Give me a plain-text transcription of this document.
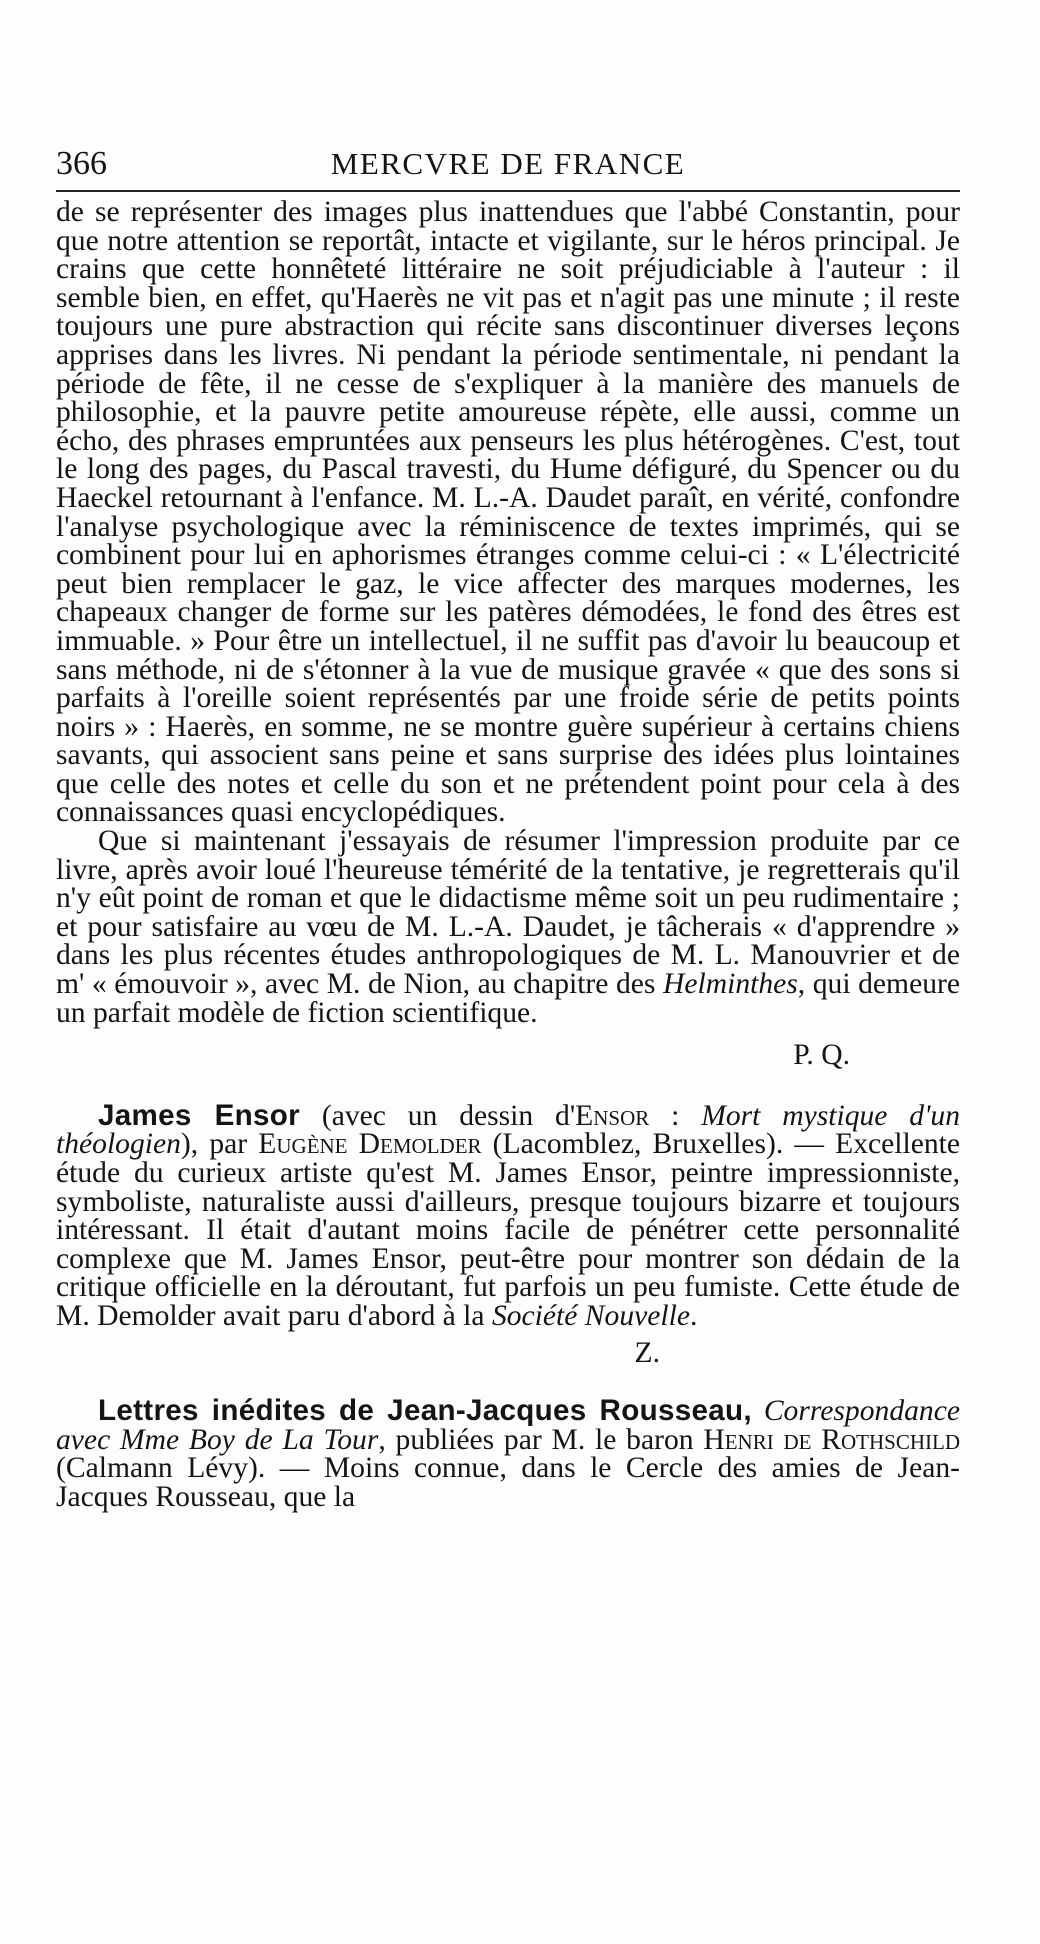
366	MERCVRE DE FRANCE

de se représenter des images plus inattendues que l'abbé Constantin, pour que notre attention se reportât, intacte et vigilante, sur le héros principal. Je crains que cette honnêteté littéraire ne soit préjudiciable à l'auteur : il semble bien, en effet, qu'Haerès ne vit pas et n'agit pas une minute ; il reste toujours une pure abstraction qui récite sans discontinuer diverses leçons apprises dans les livres. Ni pendant la période sentimentale, ni pendant la période de fête, il ne cesse de s'expliquer à la manière des manuels de philosophie, et la pauvre petite amoureuse répète, elle aussi, comme un écho, des phrases empruntées aux penseurs les plus hétérogènes. C'est, tout le long des pages, du Pascal travesti, du Hume défiguré, du Spencer ou du Haeckel retournant à l'enfance. M. L.-A. Daudet paraît, en vérité, confondre l'analyse psychologique avec la réminiscence de textes imprimés, qui se combinent pour lui en aphorismes étranges comme celui-ci : « L'électricité peut bien remplacer le gaz, le vice affecter des marques modernes, les chapeaux changer de forme sur les patères démodées, le fond des êtres est immuable. » Pour être un intellectuel, il ne suffit pas d'avoir lu beaucoup et sans méthode, ni de s'étonner à la vue de musique gravée « que des sons si parfaits à l'oreille soient représentés par une froide série de petits points noirs » : Haerès, en somme, ne se montre guère supérieur à certains chiens savants, qui associent sans peine et sans surprise des idées plus lointaines que celle des notes et celle du son et ne prétendent point pour cela à des connaissances quasi encyclopédiques.

Que si maintenant j'essayais de résumer l'impression produite par ce livre, après avoir loué l'heureuse témérité de la tentative, je regretterais qu'il n'y eût point de roman et que le didactisme même soit un peu rudimentaire ; et pour satisfaire au vœu de M. L.-A. Daudet, je tâcherais « d'apprendre » dans les plus récentes études anthropologiques de M. L. Manouvrier et de m' « émouvoir », avec M. de Nion, au chapitre des Helminthes, qui demeure un parfait modèle de fiction scientifique.

P. Q.

James Ensor (avec un dessin d'Ensor : Mort mystique d'un théologien), par Eugène Demolder (Lacomblez, Bruxelles). — Excellente étude du curieux artiste qu'est M. James Ensor, peintre impressionniste, symboliste, naturaliste aussi d'ailleurs, presque toujours bizarre et toujours intéressant. Il était d'autant moins facile de pénétrer cette personnalité complexe que M. James Ensor, peut-être pour montrer son dédain de la critique officielle en la déroutant, fut parfois un peu fumiste. Cette étude de M. Demolder avait paru d'abord à la Société Nouvelle.

Z.

Lettres inédites de Jean-Jacques Rousseau, Correspondance avec Mme Boy de La Tour, publiées par M. le baron Henri de Rothschild (Calmann Lévy). — Moins connue, dans le Cercle des amies de Jean-Jacques Rousseau, que la
